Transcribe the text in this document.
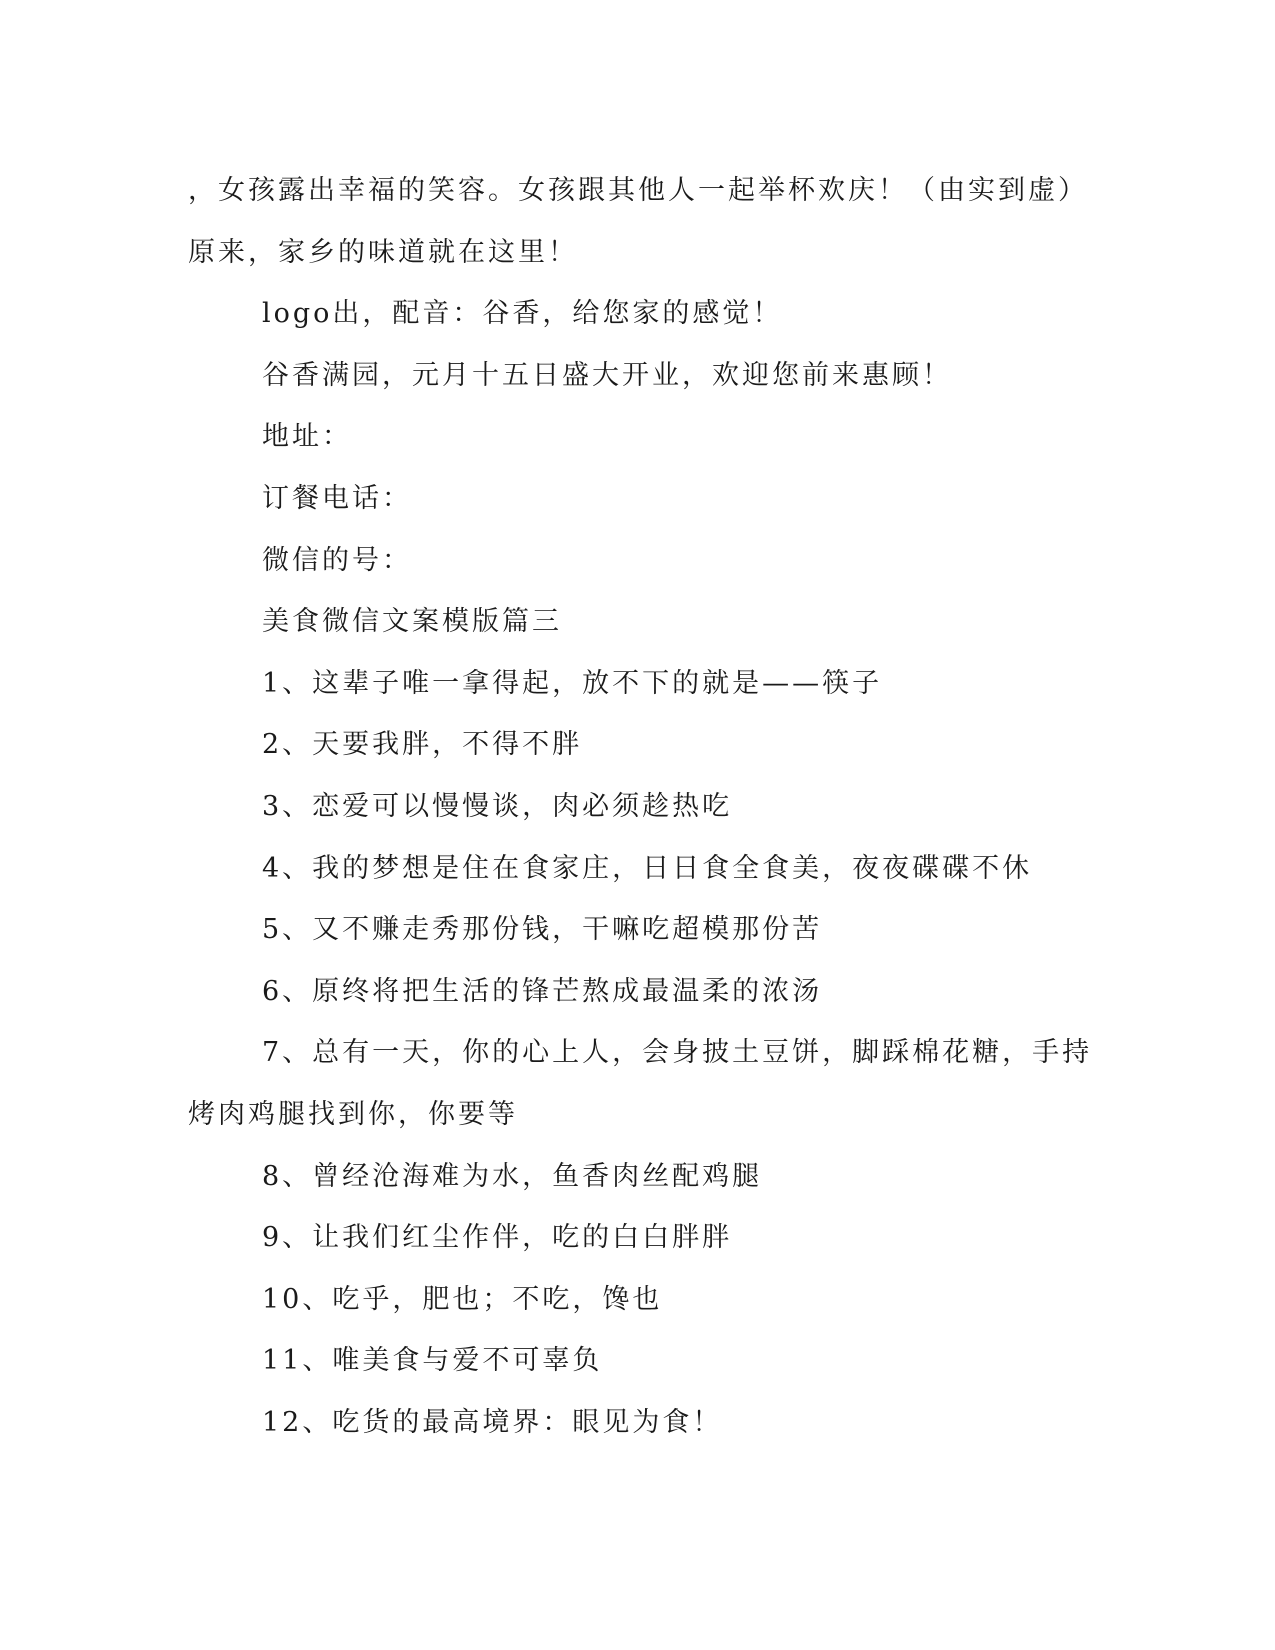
，女孩露出幸福的笑容。女孩跟其他人一起举杯欢庆！（由实到虚）
原来，家乡的味道就在这里！
logo出，配音：谷香，给您家的感觉！
谷香满园，元月十五日盛大开业，欢迎您前来惠顾！
地址：
订餐电话：
微信的号：
美食微信文案模版篇三
1、这辈子唯一拿得起，放不下的就是——筷子
2、天要我胖，不得不胖
3、恋爱可以慢慢谈，肉必须趁热吃
4、我的梦想是住在食家庄，日日食全食美，夜夜碟碟不休
5、又不赚走秀那份钱，干嘛吃超模那份苦
6、原终将把生活的锋芒熬成最温柔的浓汤
7、总有一天，你的心上人，会身披土豆饼，脚踩棉花糖，手持
烤肉鸡腿找到你，你要等
8、曾经沧海难为水，鱼香肉丝配鸡腿
9、让我们红尘作伴，吃的白白胖胖
10、吃乎，肥也；不吃，馋也
11、唯美食与爱不可辜负
12、吃货的最高境界：眼见为食！
